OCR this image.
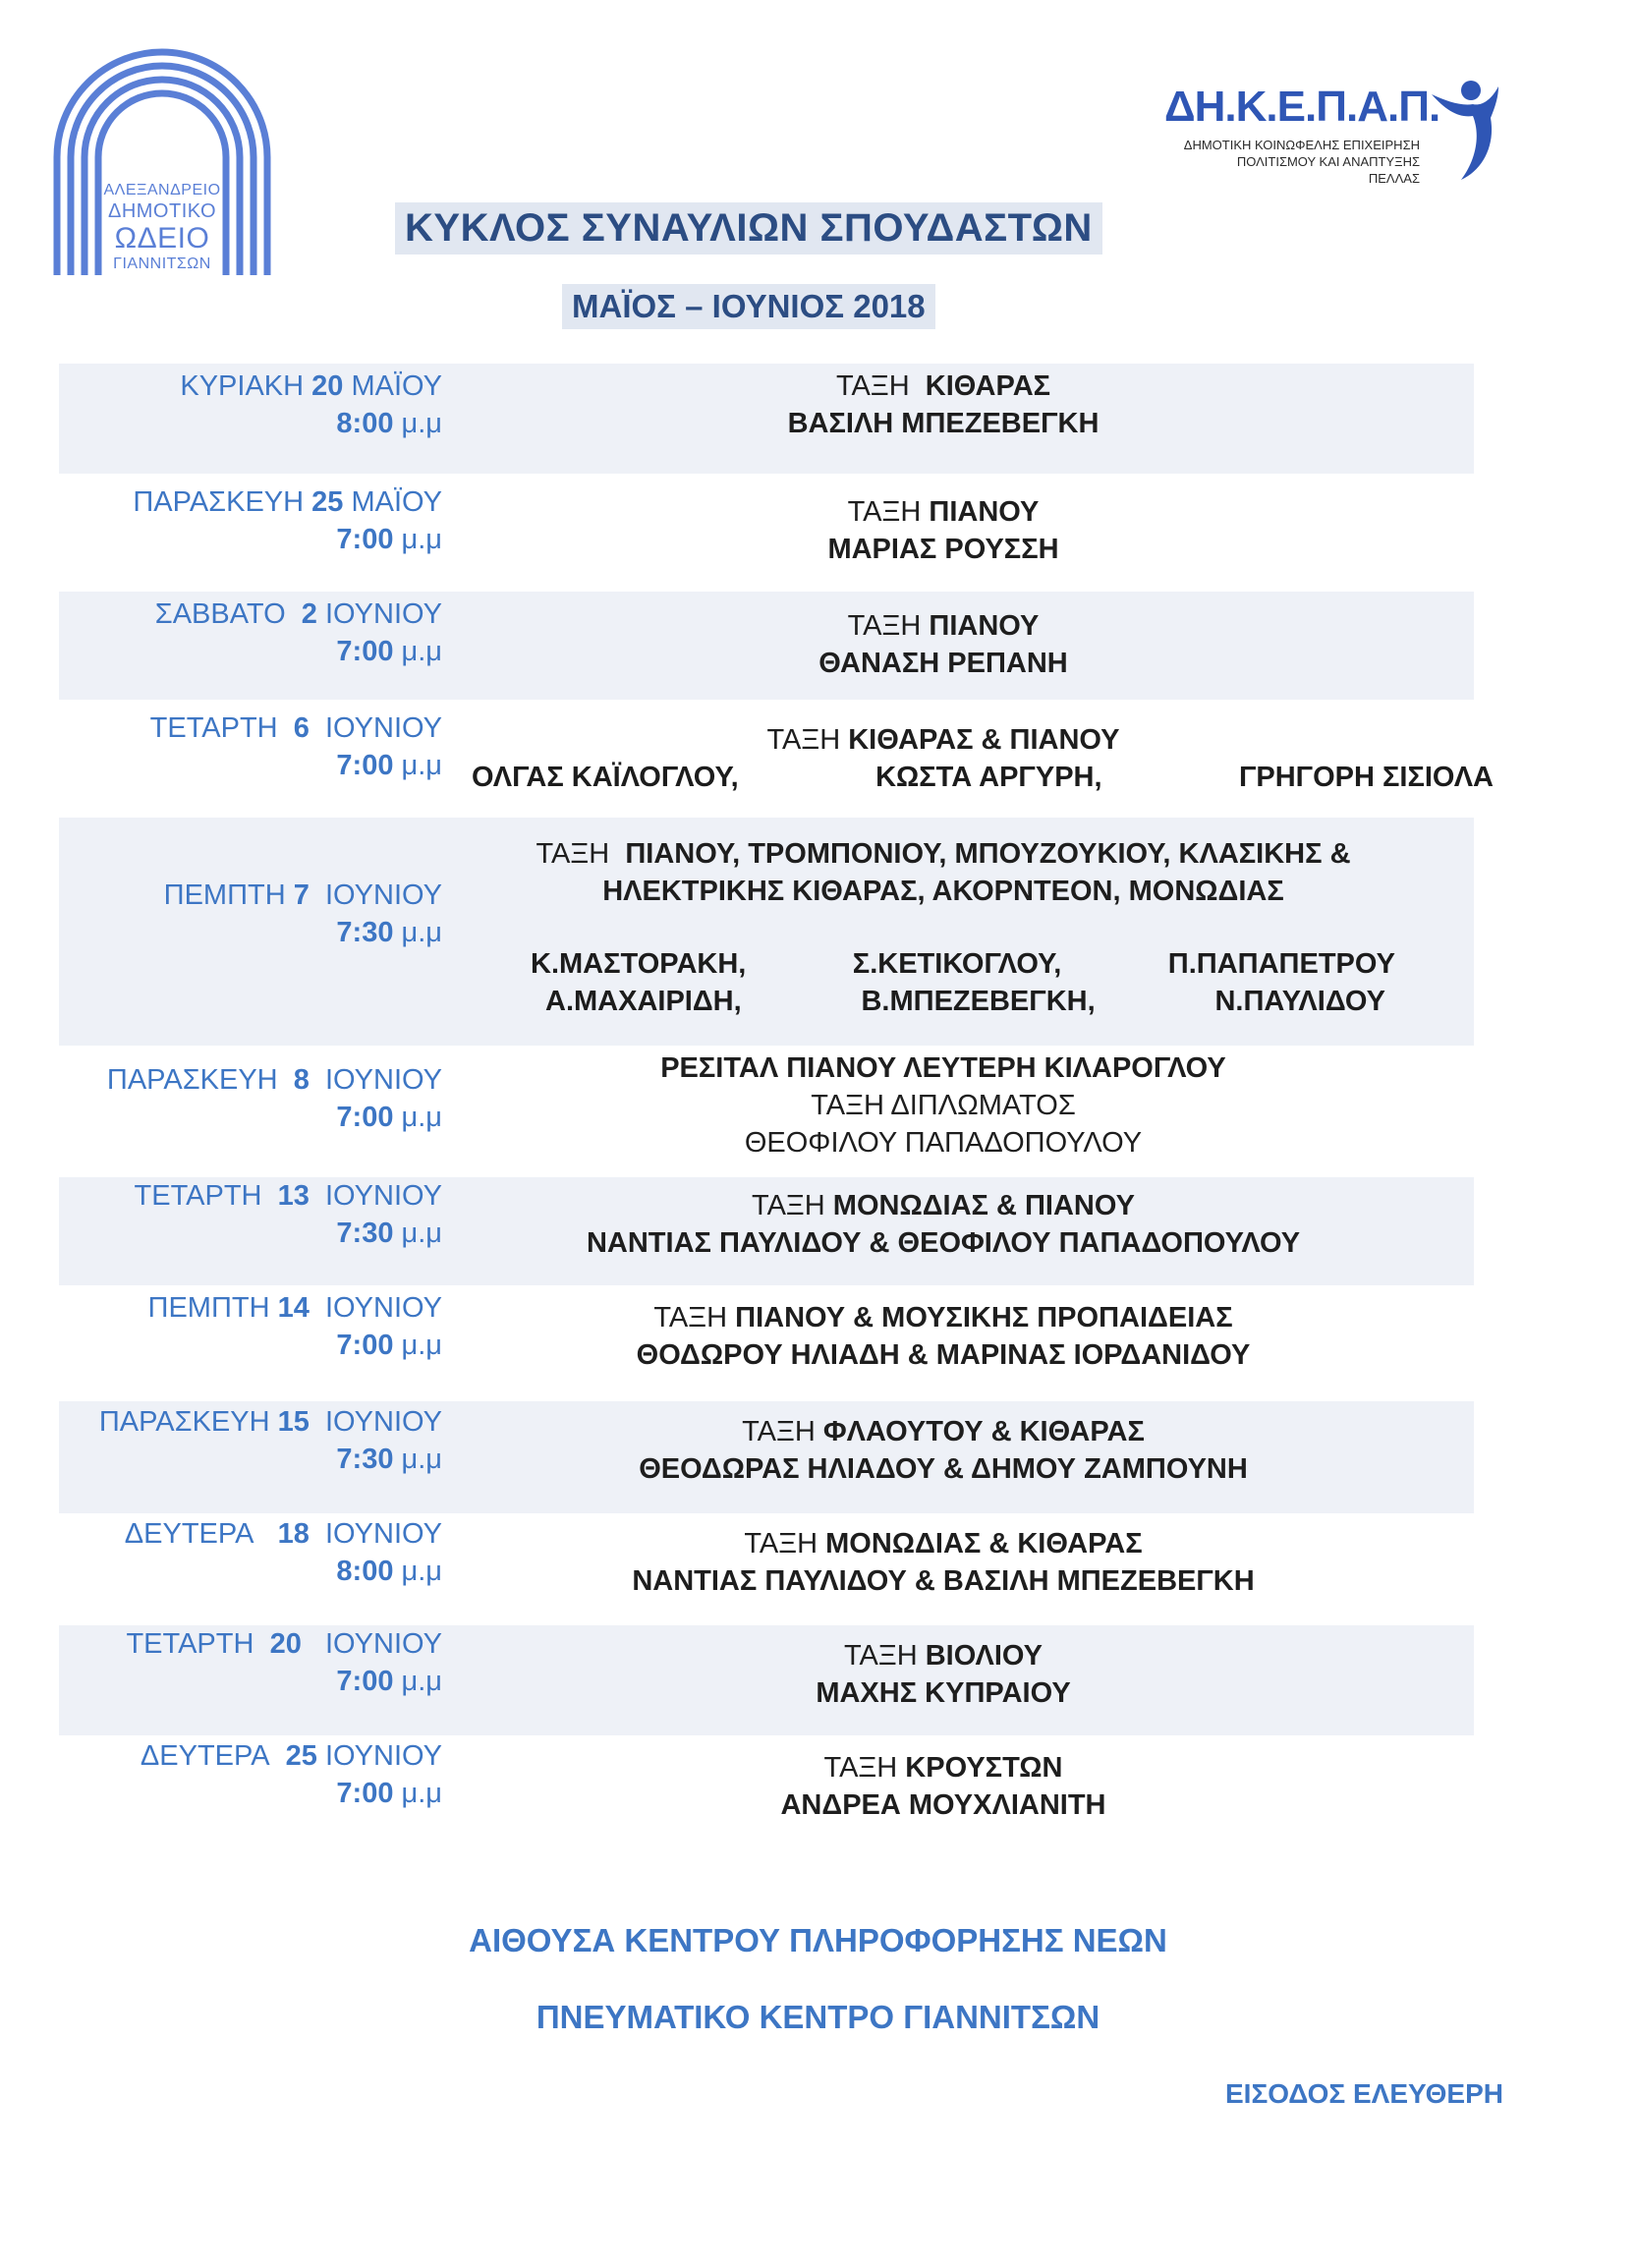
ΑΛΕΞΑΝΔΡΕΙΟ
ΔΗΜΟΤΙΚΟ
ΩΔΕΙΟ
ΓΙΑΝΝΙΤΣΩΝ
ΔΗ.Κ.Ε.Π.Α.Π.
ΔΗΜΟΤΙΚΗ ΚΟΙΝΩΦΕΛΗΣ ΕΠΙΧΕΙΡΗΣΗ
ΠΟΛΙΤΙΣΜΟΥ ΚΑΙ ΑΝΑΠΤΥΞΗΣ
ΠΕΛΛΑΣ
ΚΥΚΛΟΣ ΣΥΝΑΥΛΙΩΝ ΣΠΟΥΔΑΣΤΩΝ
ΜΑΪΟΣ – ΙΟΥΝΙΟΣ 2018
ΚΥΡΙΑΚΗ 20 ΜΑΪΟΥ
8:00 μ.μ
ΤΑΞΗ ΚΙΘΑΡΑΣ
ΒΑΣΙΛΗ ΜΠΕΖΕΒΕΓΚΗ
ΠΑΡΑΣΚΕΥΗ 25 ΜΑΪΟΥ
7:00 μ.μ
ΤΑΞΗ ΠΙΑΝΟΥ
ΜΑΡΙΑΣ ΡΟΥΣΣΗ
ΣΑΒΒΑΤΟ 2 ΙΟΥΝΙΟΥ
7:00 μ.μ
ΤΑΞΗ ΠΙΑΝΟΥ
ΘΑΝΑΣΗ ΡΕΠΑΝΗ
ΤΕΤΑΡΤΗ 6 ΙΟΥΝΙΟΥ
7:00 μ.μ
ΤΑΞΗ ΚΙΘΑΡΑΣ & ΠΙΑΝΟΥ
ΟΛΓΑΣ ΚΑΪΛΟΓΛΟΥ,	ΚΩΣΤΑ ΑΡΓΥΡΗ,	ΓΡΗΓΟΡΗ ΣΙΣΙΟΛΑ
ΠΕΜΠΤΗ 7 ΙΟΥΝΙΟΥ
7:30 μ.μ
ΤΑΞΗ ΠΙΑΝΟΥ, ΤΡΟΜΠΟΝΙΟΥ, ΜΠΟΥΖΟΥΚΙΟΥ, ΚΛΑΣΙΚΗΣ &
ΗΛΕΚΤΡΙΚΗΣ ΚΙΘΑΡΑΣ, ΑΚΟΡΝΤΕΟΝ, ΜΟΝΩΔΙΑΣ
Κ.ΜΑΣΤΟΡΑΚΗ,	Σ.ΚΕΤΙΚΟΓΛΟΥ,	Π.ΠΑΠΑΠΕΤΡΟΥ
Α.ΜΑΧΑΙΡΙΔΗ,	Β.ΜΠΕΖΕΒΕΓΚΗ,	Ν.ΠΑΥΛΙΔΟΥ
ΠΑΡΑΣΚΕΥΗ 8 ΙΟΥΝΙΟΥ
7:00 μ.μ
ΡΕΣΙΤΑΛ ΠΙΑΝΟΥ ΛΕΥΤΕΡΗ ΚΙΛΑΡΟΓΛΟΥ
ΤΑΞΗ ΔΙΠΛΩΜΑΤΟΣ
ΘΕΟΦΙΛΟΥ ΠΑΠΑΔΟΠΟΥΛΟΥ
ΤΕΤΑΡΤΗ 13 ΙΟΥΝΙΟΥ
7:30 μ.μ
ΤΑΞΗ ΜΟΝΩΔΙΑΣ & ΠΙΑΝΟΥ
ΝΑΝΤΙΑΣ ΠΑΥΛΙΔΟΥ & ΘΕΟΦΙΛΟΥ ΠΑΠΑΔΟΠΟΥΛΟΥ
ΠΕΜΠΤΗ 14 ΙΟΥΝΙΟΥ
7:00 μ.μ
ΤΑΞΗ ΠΙΑΝΟΥ & ΜΟΥΣΙΚΗΣ ΠΡΟΠΑΙΔΕΙΑΣ
ΘΟΔΩΡΟΥ ΗΛΙΑΔΗ & ΜΑΡΙΝΑΣ ΙΟΡΔΑΝΙΔΟΥ
ΠΑΡΑΣΚΕΥΗ 15 ΙΟΥΝΙΟΥ
7:30 μ.μ
ΤΑΞΗ ΦΛΑΟΥΤΟΥ & ΚΙΘΑΡΑΣ
ΘΕΟΔΩΡΑΣ ΗΛΙΑΔΟΥ & ΔΗΜΟΥ ΖΑΜΠΟΥΝΗ
ΔΕΥΤΕΡΑ 18 ΙΟΥΝΙΟΥ
8:00 μ.μ
ΤΑΞΗ ΜΟΝΩΔΙΑΣ & ΚΙΘΑΡΑΣ
ΝΑΝΤΙΑΣ ΠΑΥΛΙΔΟΥ & ΒΑΣΙΛΗ ΜΠΕΖΕΒΕΓΚΗ
ΤΕΤΑΡΤΗ 20 ΙΟΥΝΙΟΥ
7:00 μ.μ
ΤΑΞΗ ΒΙΟΛΙΟΥ
ΜΑΧΗΣ ΚΥΠΡΑΙΟΥ
ΔΕΥΤΕΡΑ 25 ΙΟΥΝΙΟΥ
7:00 μ.μ
ΤΑΞΗ ΚΡΟΥΣΤΩΝ
ΑΝΔΡΕΑ ΜΟΥΧΛΙΑΝΙΤΗ
ΑΙΘΟΥΣΑ ΚΕΝΤΡΟΥ ΠΛΗΡΟΦΟΡΗΣΗΣ ΝΕΩΝ
ΠΝΕΥΜΑΤΙΚΟ ΚΕΝΤΡΟ ΓΙΑΝΝΙΤΣΩΝ
ΕΙΣΟΔΟΣ ΕΛΕΥΘΕΡΗ
